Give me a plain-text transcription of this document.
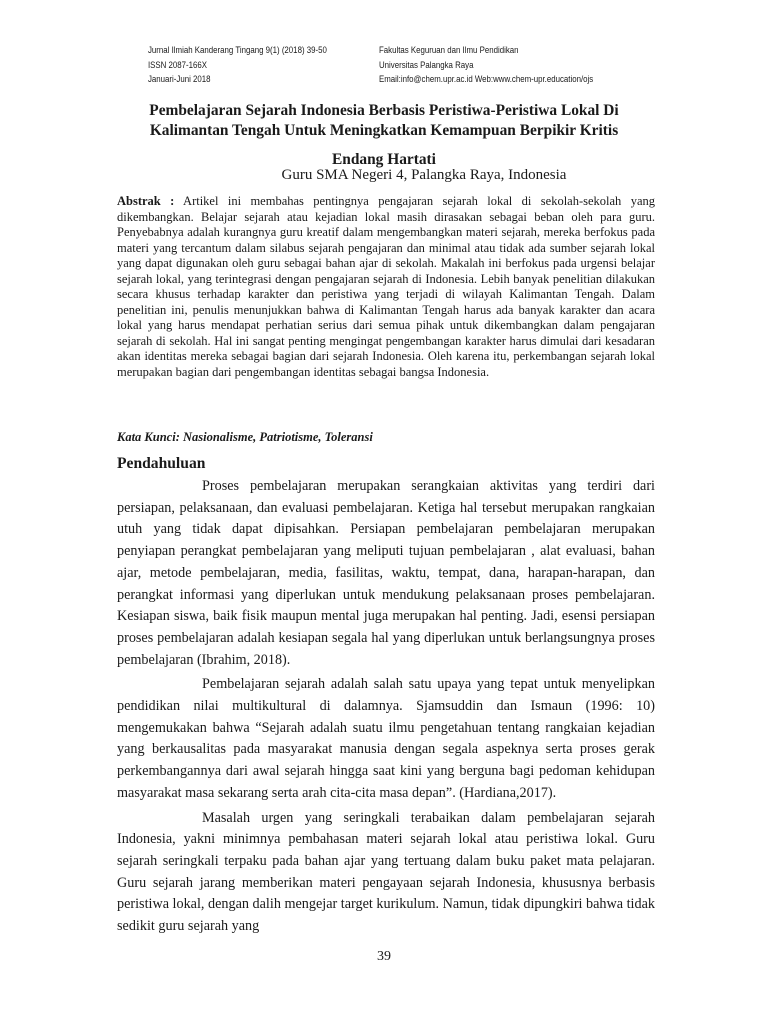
Jurnal Ilmiah Kanderang Tingang 9(1) (2018) 39-50
ISSN 2087-166X
Januari-Juni 2018
Fakultas Keguruan dan Ilmu Pendidikan
Universitas Palangka Raya
Email:info@chem.upr.ac.id Web:www.chem-upr.education/ojs
Pembelajaran Sejarah Indonesia Berbasis Peristiwa-Peristiwa Lokal Di
Kalimantan Tengah Untuk Meningkatkan Kemampuan Berpikir Kritis
Endang Hartati
Guru SMA Negeri 4, Palangka Raya, Indonesia
Abstrak : Artikel ini membahas pentingnya pengajaran sejarah lokal di sekolah-sekolah yang dikembangkan. Belajar sejarah atau kejadian lokal masih dirasakan sebagai beban oleh para guru. Penyebabnya adalah kurangnya guru kreatif dalam mengembangkan materi sejarah, mereka berfokus pada materi yang tercantum dalam silabus sejarah pengajaran dan minimal atau tidak ada sumber sejarah lokal yang dapat digunakan oleh guru sebagai bahan ajar di sekolah. Makalah ini berfokus pada urgensi belajar sejarah lokal, yang terintegrasi dengan pengajaran sejarah di Indonesia. Lebih banyak penelitian dilakukan secara khusus terhadap karakter dan peristiwa yang terjadi di wilayah Kalimantan Tengah. Dalam penelitian ini, penulis menunjukkan bahwa di Kalimantan Tengah harus ada banyak karakter dan acara lokal yang harus mendapat perhatian serius dari semua pihak untuk dikembangkan dalam pengajaran sejarah di sekolah. Hal ini sangat penting mengingat pengembangan karakter harus dimulai dari kesadaran akan identitas mereka sebagai bagian dari sejarah Indonesia. Oleh karena itu, perkembangan sejarah lokal merupakan bagian dari pengembangan identitas sebagai bangsa Indonesia.
Kata Kunci: Nasionalisme, Patriotisme, Toleransi
Pendahuluan

Proses pembelajaran merupakan serangkaian aktivitas yang terdiri dari persiapan, pelaksanaan, dan evaluasi pembelajaran. Ketiga hal tersebut merupakan rangkaian utuh yang tidak dapat dipisahkan. Persiapan pembelajaran pembelajaran merupakan penyiapan perangkat pembelajaran yang meliputi tujuan pembelajaran , alat evaluasi, bahan ajar, metode pembelajaran, media, fasilitas, waktu, tempat, dana, harapan-harapan, dan perangkat informasi yang diperlukan untuk mendukung pelaksanaan proses pembelajaran. Kesiapan siswa, baik fisik maupun mental juga merupakan hal penting. Jadi, esensi persiapan proses pembelajaran adalah kesiapan segala hal yang diperlukan untuk berlangsungnya proses pembelajaran (Ibrahim, 2018).

Pembelajaran sejarah adalah salah satu upaya yang tepat untuk menyelipkan pendidikan nilai multikultural di dalamnya. Sjamsuddin dan Ismaun (1996: 10) mengemukakan bahwa “Sejarah adalah suatu ilmu pengetahuan tentang rangkaian kejadian yang berkausalitas pada masyarakat manusia dengan segala aspeknya serta proses gerak perkembangannya dari awal sejarah hingga saat kini yang berguna bagi pedoman kehidupan masyarakat masa sekarang serta arah cita-cita masa depan”. (Hardiana,2017).

Masalah urgen yang seringkali terabaikan dalam pembelajaran sejarah Indonesia, yakni minimnya pembahasan materi sejarah lokal atau peristiwa lokal. Guru sejarah seringkali terpaku pada bahan ajar yang tertuang dalam buku paket mata pelajaran. Guru sejarah jarang memberikan materi pengayaan sejarah Indonesia, khususnya berbasis peristiwa lokal, dengan dalih mengejar target kurikulum. Namun, tidak dipungkiri bahwa tidak sedikit guru sejarah yang

39
